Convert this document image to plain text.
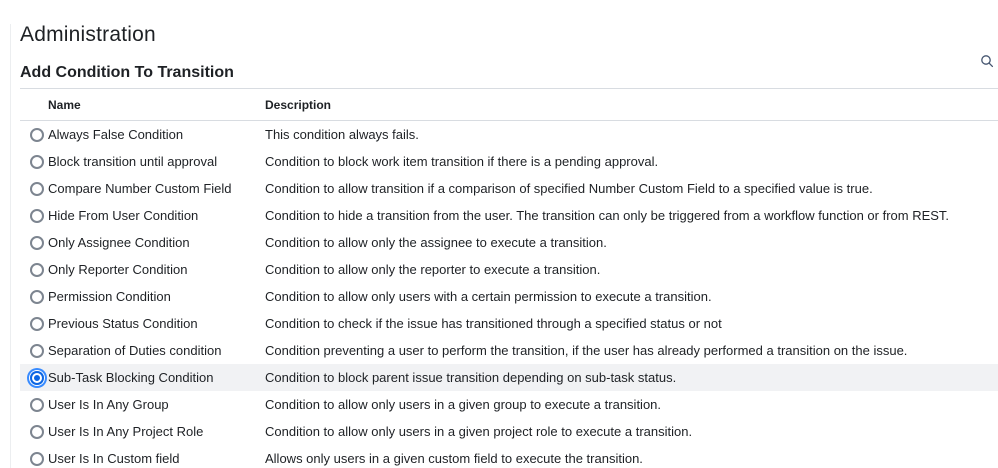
Administration
Add Condition To Transition
Name	Description
Always False Condition	This condition always fails.
Block transition until approval	Condition to block work item transition if there is a pending approval.
Compare Number Custom Field	Condition to allow transition if a comparison of specified Number Custom Field to a specified value is true.
Hide From User Condition	Condition to hide a transition from the user. The transition can only be triggered from a workflow function or from REST.
Only Assignee Condition	Condition to allow only the assignee to execute a transition.
Only Reporter Condition	Condition to allow only the reporter to execute a transition.
Permission Condition	Condition to allow only users with a certain permission to execute a transition.
Previous Status Condition	Condition to check if the issue has transitioned through a specified status or not
Separation of Duties condition	Condition preventing a user to perform the transition, if the user has already performed a transition on the issue.
Sub-Task Blocking Condition	Condition to block parent issue transition depending on sub-task status.
User Is In Any Group	Condition to allow only users in a given group to execute a transition.
User Is In Any Project Role	Condition to allow only users in a given project role to execute a transition.
User Is In Custom field	Allows only users in a given custom field to execute the transition.
